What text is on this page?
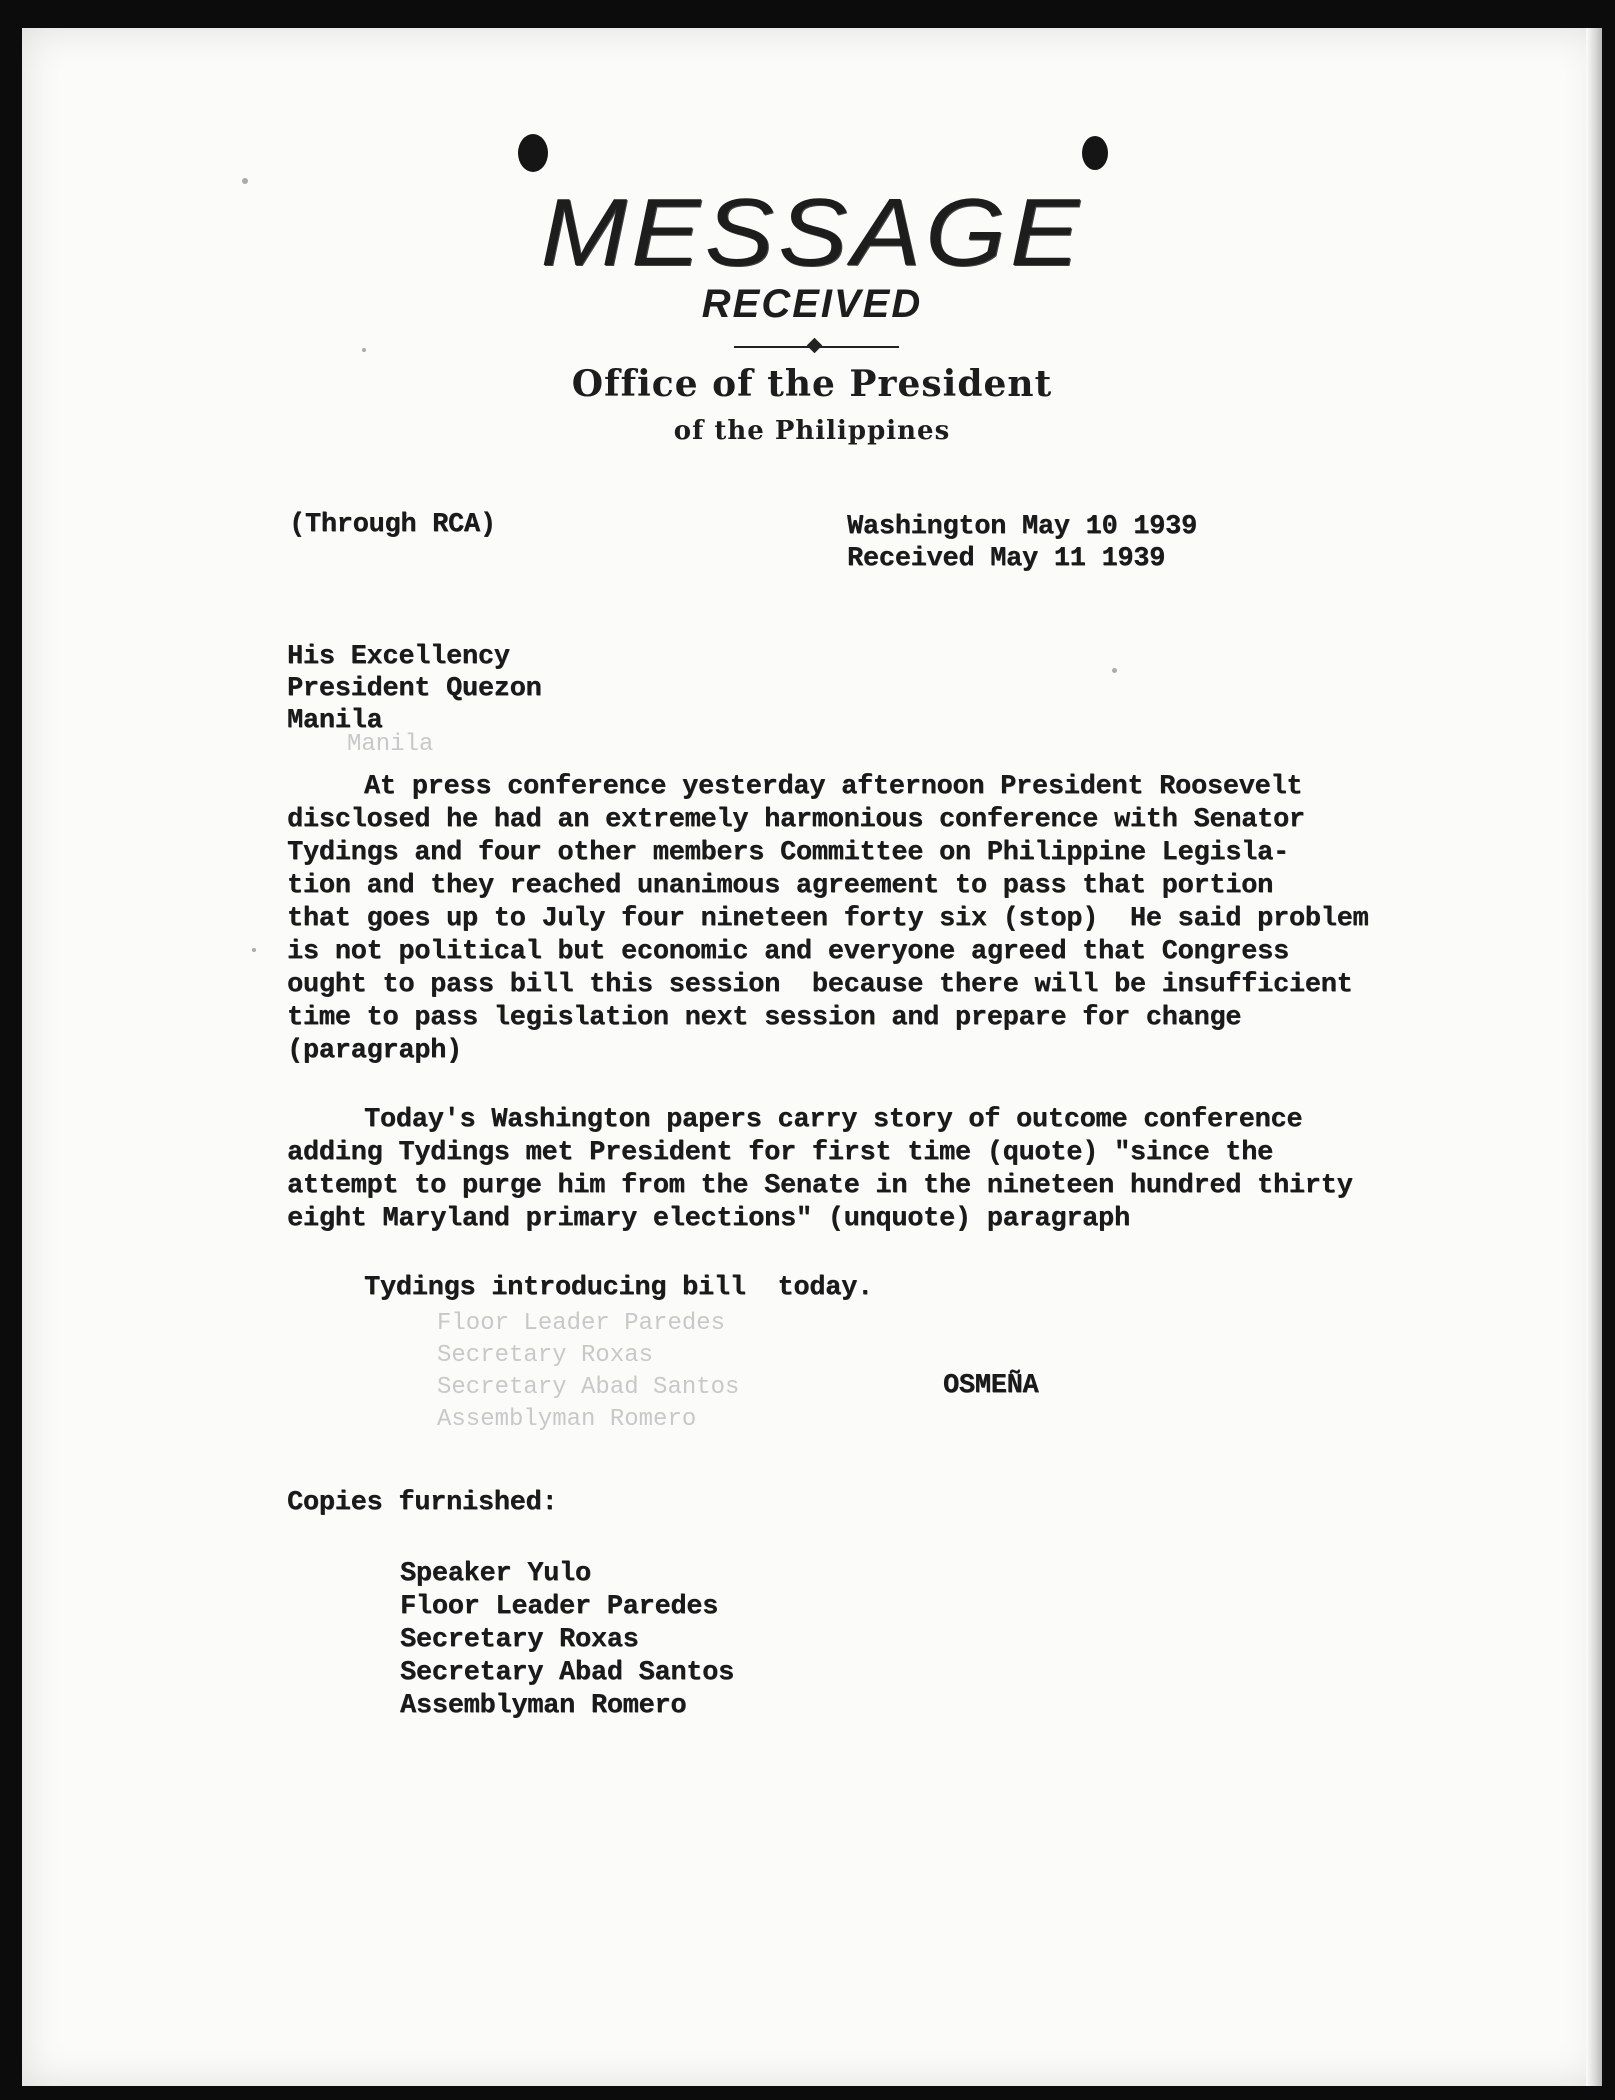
MESSAGE
RECEIVED
Office of the President
of the Philippines
(Through RCA)	Washington May 10 1939
Received May 11 1939
His Excellency
President Quezon
Manila
Manila
At press conference yesterday afternoon President Roosevelt
disclosed he had an extremely harmonious conference with Senator
Tydings and four other members Committee on Philippine Legisla-
tion and they reached unanimous agreement to pass that portion
that goes up to July four nineteen forty six (stop)  He said problem
is not political but economic and everyone agreed that Congress
ought to pass bill this session  because there will be insufficient
time to pass legislation next session and prepare for change
(paragraph)
Today's Washington papers carry story of outcome conference
adding Tydings met President for first time (quote) "since the
attempt to purge him from the Senate in the nineteen hundred thirty
eight Maryland primary elections" (unquote) paragraph
Tydings introducing bill  today.
Floor Leader Paredes
Secretary Roxas
Secretary Abad Santos
Assemblyman Romero
OSMEÑA
Copies furnished:
Speaker Yulo
Floor Leader Paredes
Secretary Roxas
Secretary Abad Santos
Assemblyman Romero
